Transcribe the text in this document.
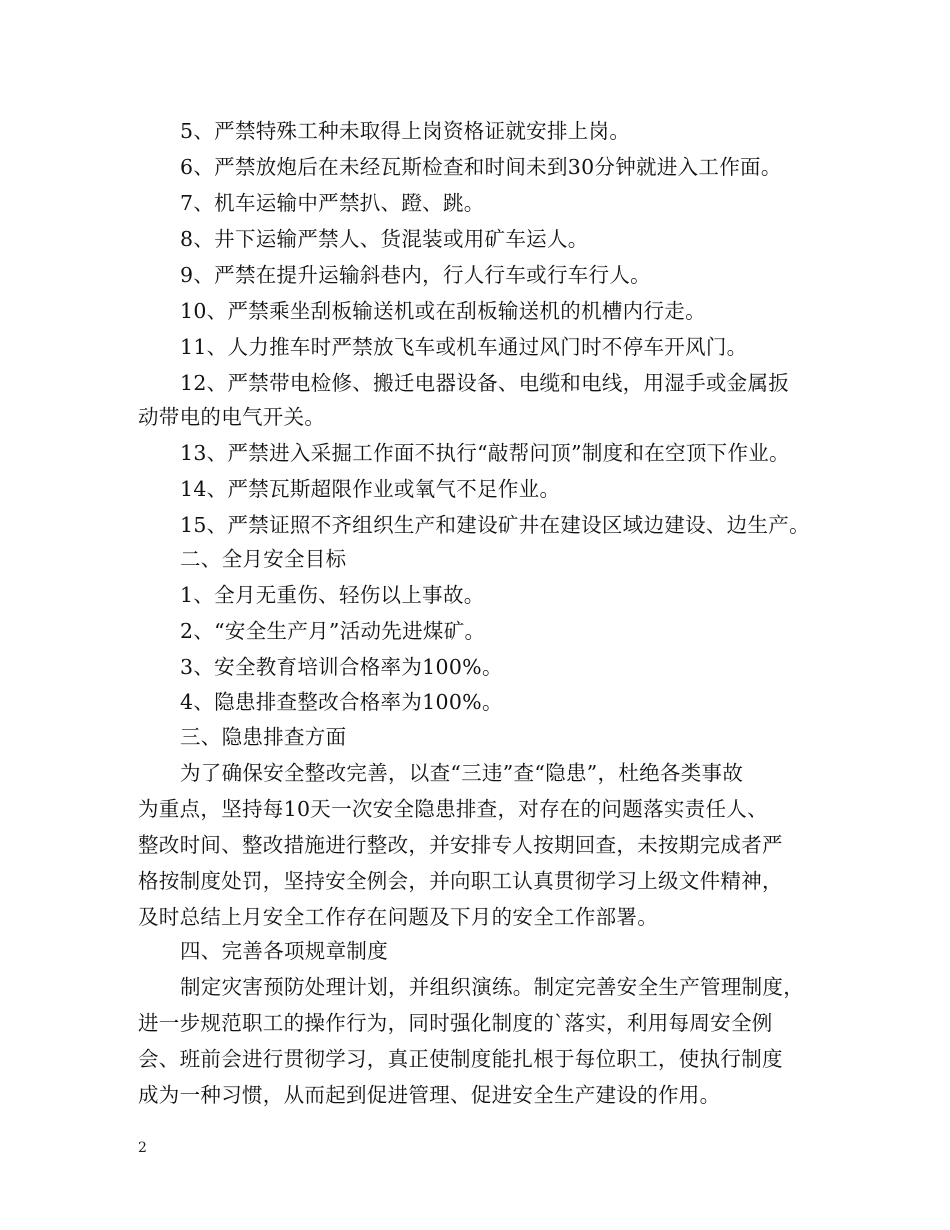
5、严禁特殊工种未取得上岗资格证就安排上岗。
6、严禁放炮后在未经瓦斯检查和时间未到30分钟就进入工作面。
7、机车运输中严禁扒、蹬、跳。
8、井下运输严禁人、货混装或用矿车运人。
9、严禁在提升运输斜巷内，行人行车或行车行人。
10、严禁乘坐刮板输送机或在刮板输送机的机槽内行走。
11、人力推车时严禁放飞车或机车通过风门时不停车开风门。
12、严禁带电检修、搬迁电器设备、电缆和电线，用湿手或金属扳
动带电的电气开关。
13、严禁进入采掘工作面不执行“敲帮问顶”制度和在空顶下作业。
14、严禁瓦斯超限作业或氧气不足作业。
15、严禁证照不齐组织生产和建设矿井在建设区域边建设、边生产。
二、全月安全目标
1、全月无重伤、轻伤以上事故。
2、“安全生产月”活动先进煤矿。
3、安全教育培训合格率为100%。
4、隐患排查整改合格率为100%。
三、隐患排查方面
为了确保安全整改完善，以查“三违”查“隐患”，杜绝各类事故
为重点，坚持每10天一次安全隐患排查，对存在的问题落实责任人、
整改时间、整改措施进行整改，并安排专人按期回查，未按期完成者严
格按制度处罚，坚持安全例会，并向职工认真贯彻学习上级文件精神，
及时总结上月安全工作存在问题及下月的安全工作部署。
四、完善各项规章制度
制定灾害预防处理计划，并组织演练。制定完善安全生产管理制度，
进一步规范职工的操作行为，同时强化制度的`落实，利用每周安全例
会、班前会进行贯彻学习，真正使制度能扎根于每位职工，使执行制度
成为一种习惯，从而起到促进管理、促进安全生产建设的作用。
2
